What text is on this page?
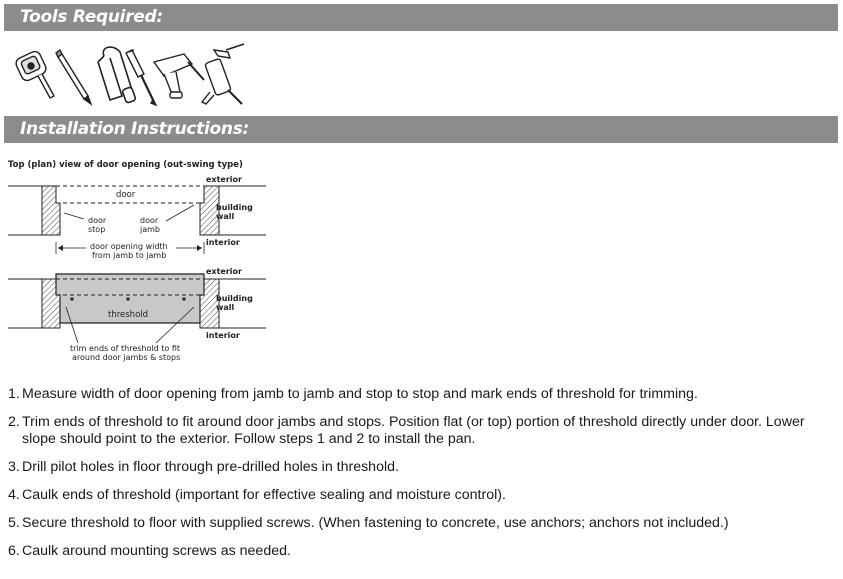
Tools Required:
Installation Instructions:
Top (plan) view of door opening (out-swing type)
door
exterior
building
wall
interior
door
stop
door
jamb
door opening width
from jamb to jamb
threshold
exterior
building
wall
interior
trim ends of threshold to fit
around door jambs & stops
1. Measure width of door opening from jamb to jamb and stop to stop and mark ends of threshold for trimming.
2. Trim ends of threshold to fit around door jambs and stops. Position flat (or top) portion of threshold directly under door. Lower slope should point to the exterior. Follow steps 1 and 2 to install the pan.
3. Drill pilot holes in floor through pre-drilled holes in threshold.
4. Caulk ends of threshold (important for effective sealing and moisture control).
5. Secure threshold to floor with supplied screws. (When fastening to concrete, use anchors; anchors not included.)
6. Caulk around mounting screws as needed.
